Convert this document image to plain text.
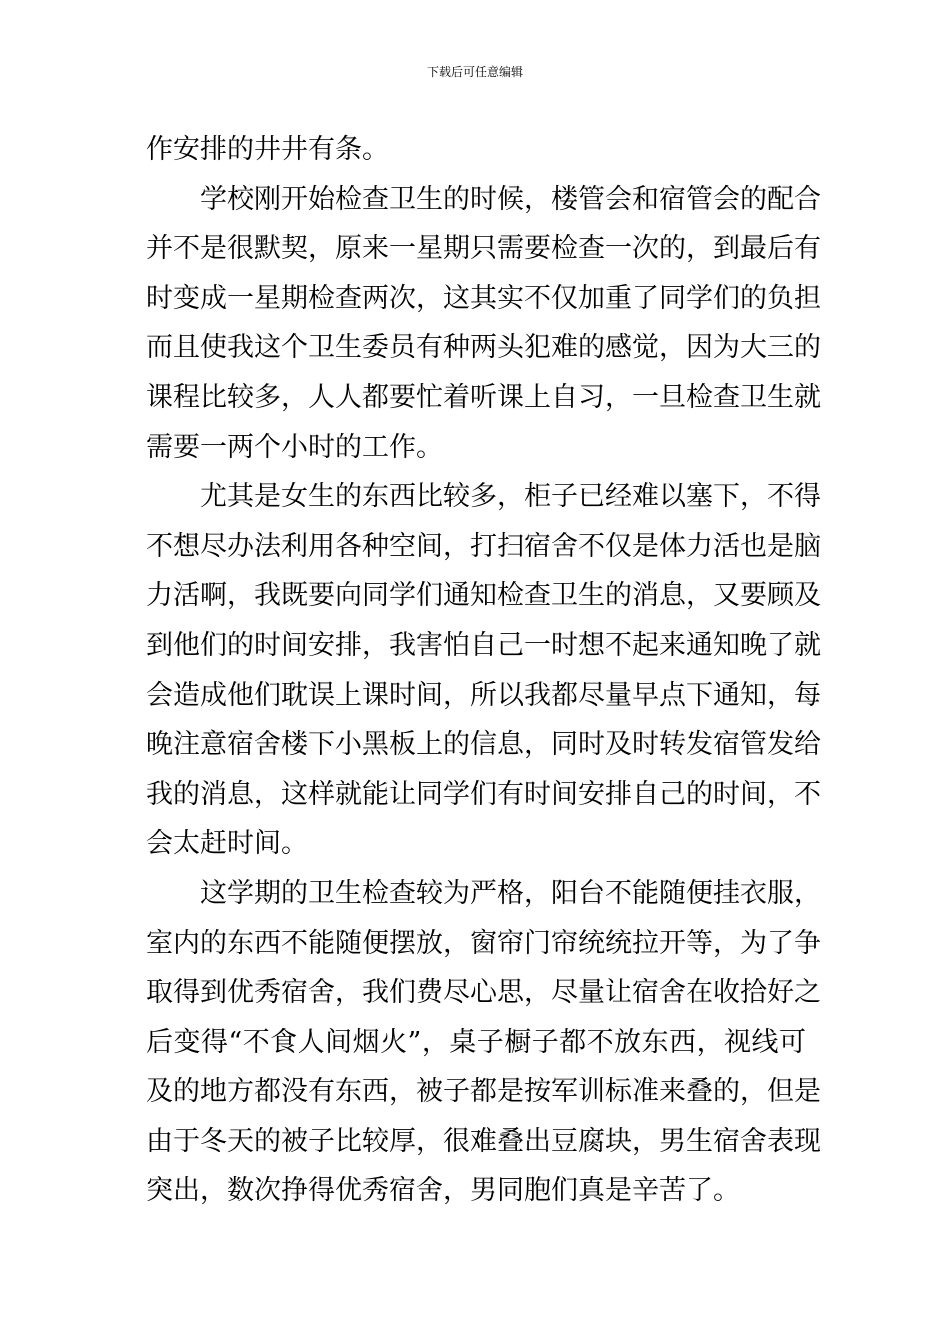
下载后可任意编辑
作安排的井井有条。
学校刚开始检查卫生的时候，楼管会和宿管会的配合
并不是很默契，原来一星期只需要检查一次的，到最后有
时变成一星期检查两次，这其实不仅加重了同学们的负担
而且使我这个卫生委员有种两头犯难的感觉，因为大三的
课程比较多，人人都要忙着听课上自习，一旦检查卫生就
需要一两个小时的工作。
尤其是女生的东西比较多，柜子已经难以塞下，不得
不想尽办法利用各种空间，打扫宿舍不仅是体力活也是脑
力活啊，我既要向同学们通知检查卫生的消息，又要顾及
到他们的时间安排，我害怕自己一时想不起来通知晚了就
会造成他们耽误上课时间，所以我都尽量早点下通知，每
晚注意宿舍楼下小黑板上的信息，同时及时转发宿管发给
我的消息，这样就能让同学们有时间安排自己的时间，不
会太赶时间。
这学期的卫生检查较为严格，阳台不能随便挂衣服，
室内的东西不能随便摆放，窗帘门帘统统拉开等，为了争
取得到优秀宿舍，我们费尽心思，尽量让宿舍在收拾好之
后变得“不食人间烟火”，桌子橱子都不放东西，视线可
及的地方都没有东西，被子都是按军训标准来叠的，但是
由于冬天的被子比较厚，很难叠出豆腐块，男生宿舍表现
突出，数次挣得优秀宿舍，男同胞们真是辛苦了。
